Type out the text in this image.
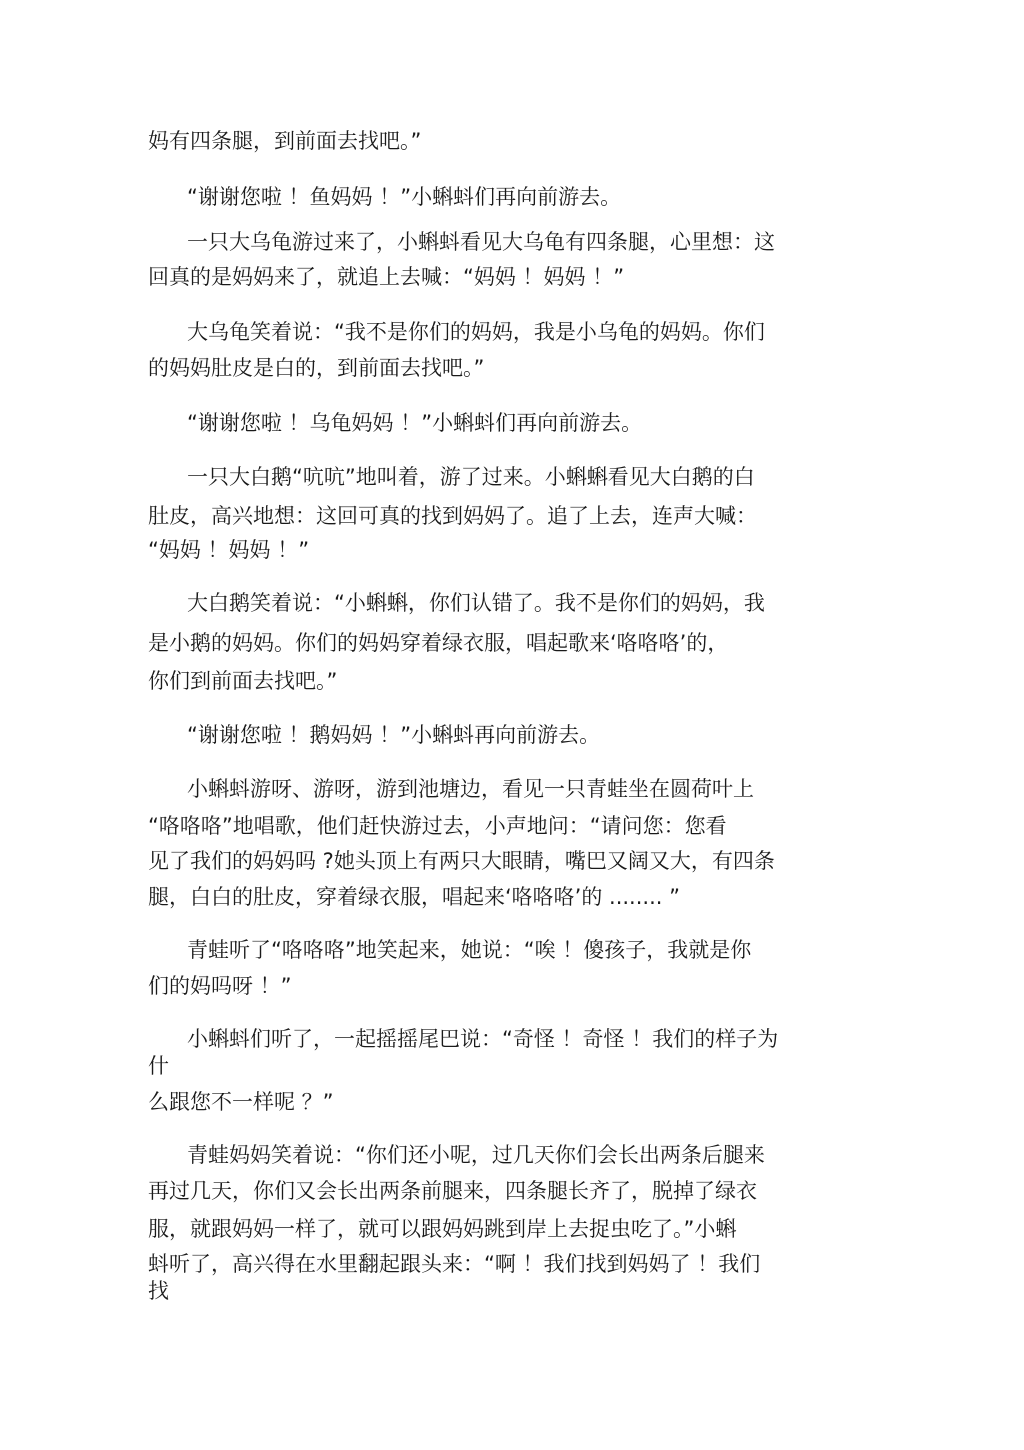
妈有四条腿，到前面去找吧。”

“谢谢您啦 ！鱼妈妈 ！”小蝌蚪们再向前游去。

一只大乌龟游过来了，小蝌蚪看见大乌龟有四条腿，心里想：这

回真的是妈妈来了，就追上去喊：“妈妈 ！妈妈 ！”

大乌龟笑着说：“我不是你们的妈妈，我是小乌龟的妈妈。你们

的妈妈肚皮是白的，到前面去找吧。”

“谢谢您啦 ！乌龟妈妈 ！”小蝌蚪们再向前游去。

一只大白鹅“吭吭”地叫着，游了过来。小蝌蝌看见大白鹅的白

肚皮，高兴地想：这回可真的找到妈妈了。追了上去，连声大喊：

“妈妈 ！妈妈 ！”

大白鹅笑着说：“小蝌蝌，你们认错了。我不是你们的妈妈，我

是小鹅的妈妈。你们的妈妈穿着绿衣服，唱起歌来‘咯咯咯’的，

你们到前面去找吧。”

“谢谢您啦 ！鹅妈妈 ！”小蝌蚪再向前游去。

小蝌蚪游呀、游呀，游到池塘边，看见一只青蛙坐在圆荷叶上

“咯咯咯”地唱歌，他们赶快游过去，小声地问：“请问您：您看

见了我们的妈妈吗 ?她头顶上有两只大眼睛，嘴巴又阔又大，有四条

腿，白白的肚皮，穿着绿衣服，唱起来‘咯咯咯’的 ........ ”

青蛙听了“咯咯咯”地笑起来，她说：“唉 ！傻孩子，我就是你

们的妈吗呀 ！”

小蝌蚪们听了，一起摇摇尾巴说：“奇怪 ！奇怪 ！我们的样子为

什

么跟您不一样呢 ？”

青蛙妈妈笑着说：“你们还小呢，过几天你们会长出两条后腿来

再过几天，你们又会长出两条前腿来，四条腿长齐了，脱掉了绿衣

服，就跟妈妈一样了，就可以跟妈妈跳到岸上去捉虫吃了。”小蝌

蚪听了，高兴得在水里翻起跟头来：“啊 ！我们找到妈妈了 ！我们

找
